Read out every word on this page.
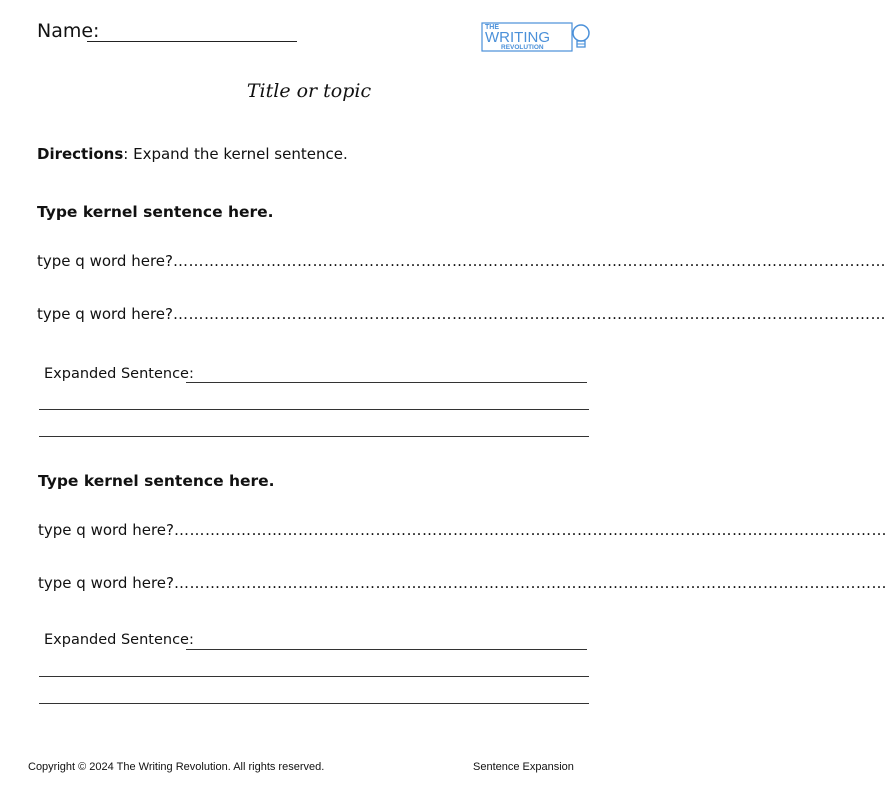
Name:	THE
WRITING
REVOLUTION
Title or topic
Directions: Expand the kernel sentence.
Type kernel sentence here.
type q word here? …………………………………………………………………………………………………………………………
type q word here? …………………………………………………………………………………………………………………………
Expanded Sentence:
Type kernel sentence here.
type q word here? …………………………………………………………………………………………………………………………
type q word here? …………………………………………………………………………………………………………………………
Expanded Sentence:
Copyright © 2024 The Writing Revolution. All rights reserved.	Sentence Expansion
